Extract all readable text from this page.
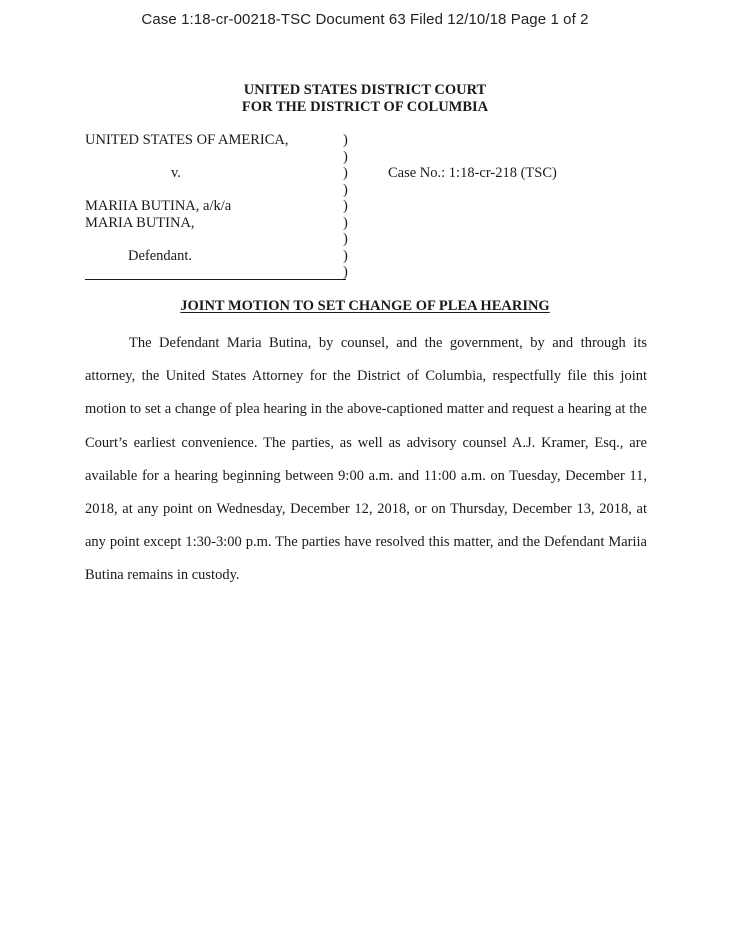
Case 1:18-cr-00218-TSC Document 63 Filed 12/10/18 Page 1 of 2
UNITED STATES DISTRICT COURT
FOR THE DISTRICT OF COLUMBIA
UNITED STATES OF AMERICA,
v.
MARIIA BUTINA, a/k/a
MARIA BUTINA,
Defendant.
)
)
)
)
)
)
)
)
)
Case No.: 1:18-cr-218 (TSC)
JOINT MOTION TO SET CHANGE OF PLEA HEARING

The Defendant Maria Butina, by counsel, and the government, by and through its attorney, the United States Attorney for the District of Columbia, respectfully file this joint motion to set a change of plea hearing in the above-captioned matter and request a hearing at the Court’s earliest convenience. The parties, as well as advisory counsel A.J. Kramer, Esq., are available for a hearing beginning between 9:00 a.m. and 11:00 a.m. on Tuesday, December 11, 2018, at any point on Wednesday, December 12, 2018, or on Thursday, December 13, 2018, at any point except 1:30-3:00 p.m. The parties have resolved this matter, and the Defendant Mariia Butina remains in custody.
